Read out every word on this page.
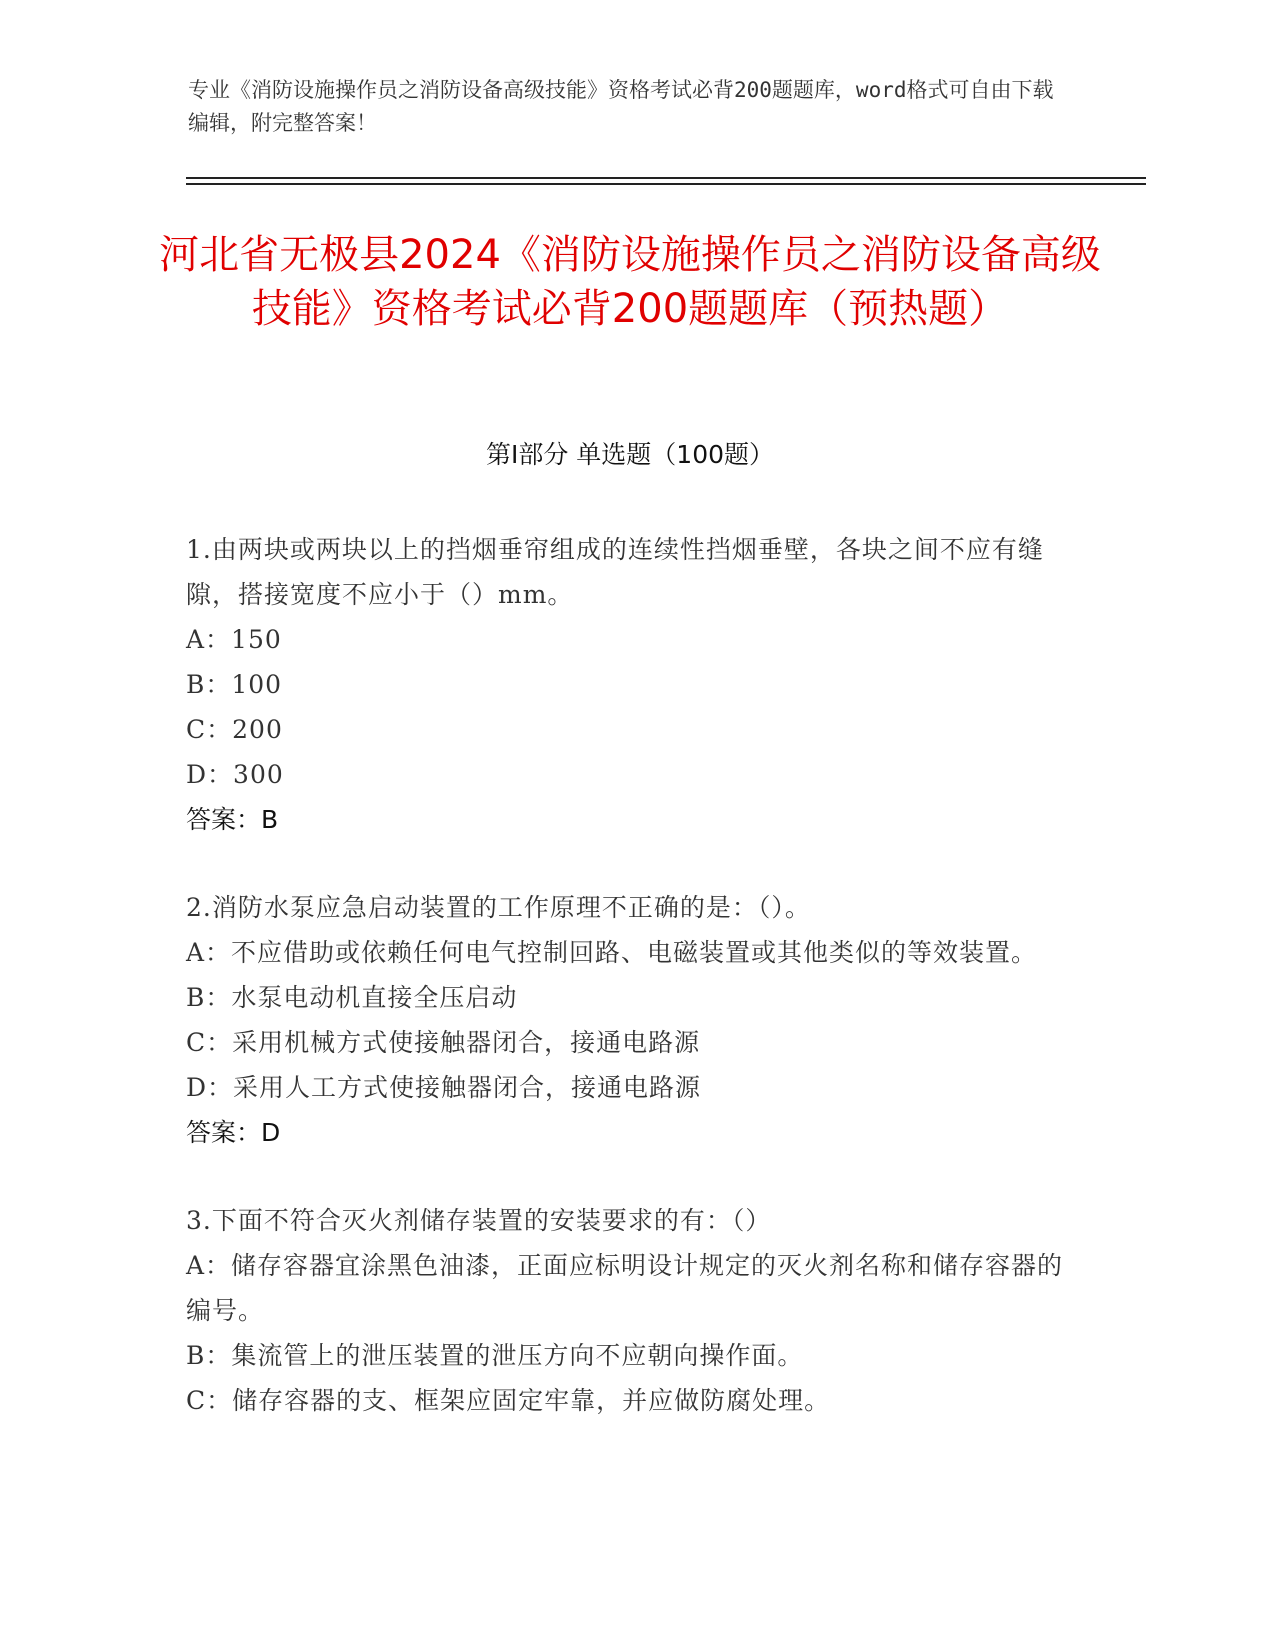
专业《消防设施操作员之消防设备高级技能》资格考试必背200题题库，word格式可自由下载编辑，附完整答案！
河北省无极县2024《消防设施操作员之消防设备高级技能》资格考试必背200题题库（预热题）
第I部分 单选题（100题）

1.由两块或两块以上的挡烟垂帘组成的连续性挡烟垂壁，各块之间不应有缝隙，搭接宽度不应小于（）mm。

A：150

B：100

C：200

D：300

答案：B

2.消防水泵应急启动装置的工作原理不正确的是：（）。

A：不应借助或依赖任何电气控制回路、电磁装置或其他类似的等效装置。

B：水泵电动机直接全压启动

C：采用机械方式使接触器闭合，接通电路源

D：采用人工方式使接触器闭合，接通电路源

答案：D

3.下面不符合灭火剂储存装置的安装要求的有：（）

A：储存容器宜涂黑色油漆，正面应标明设计规定的灭火剂名称和储存容器的编号。

B：集流管上的泄压装置的泄压方向不应朝向操作面。

C：储存容器的支、框架应固定牢靠，并应做防腐处理。
